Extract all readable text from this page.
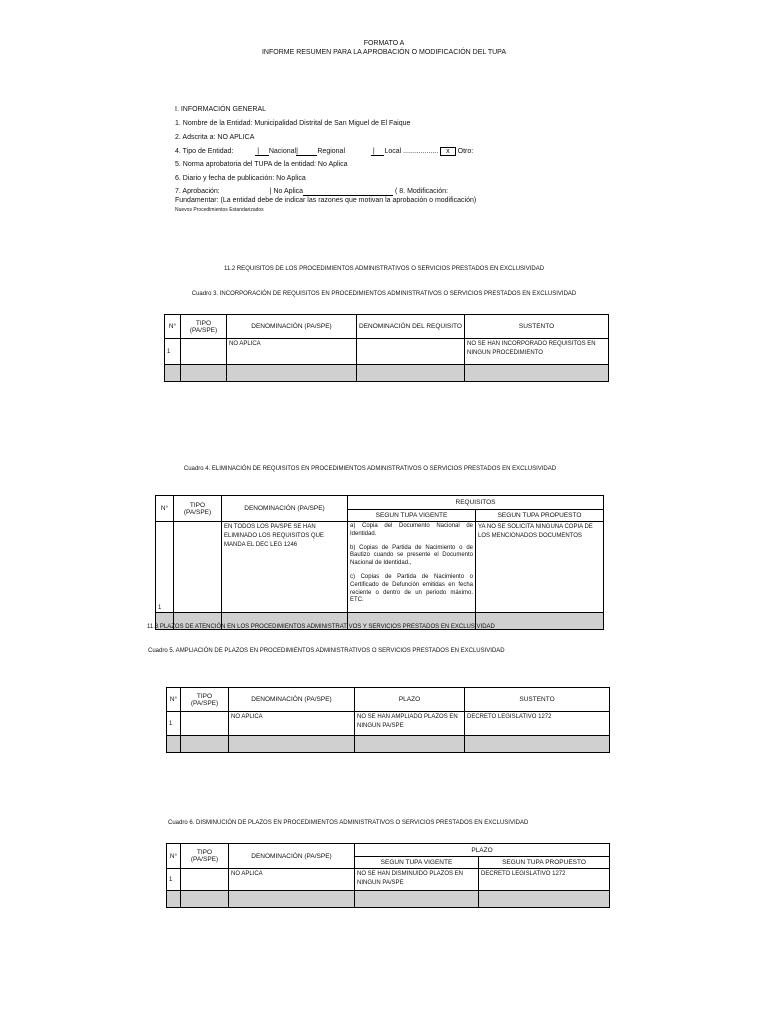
FORMATO A
INFORME RESUMEN PARA LA APROBACIÓN O MODIFICACIÓN DEL TUPA
I. INFORMACIÓN GENERAL
1. Nombre de la Entidad: Municipalidad Distrital de San Miguel de El Faique
2. Adscrita a: NO APLICA
4. Tipo de Entidad:	|     Nacional|          Regional	|     Local .................. x Otro:
5. Norma aprobatoria del TUPA de la entidad: No Aplica
6. Diario y fecha de publicación: No Aplica
7. Aprobación:	| No Aplica	( 8. Modificación:
Fundamentar: (La entidad debe de indicar las razones que motivan la aprobación o modificación)
Nuevos Procedimientos Estandarizados
11.2 REQUISITOS DE LOS PROCEDIMIENTOS ADMINISTRATIVOS O SERVICIOS PRESTADOS EN EXCLUSIVIDAD
Cuadro 3. INCORPORACIÓN DE REQUISITOS EN PROCEDIMIENTOS ADMINISTRATIVOS O SERVICIOS PRESTADOS EN EXCLUSIVIDAD
N°	TIPO (PA/SPE)	DENOMINACIÓN (PA/SPE)	DENOMINACIÓN DEL REQUISITO	SUSTENTO
1		NO APLICA		NO SE HAN INCORPORADO REQUISITOS EN NINGUN PROCEDIMIENTO

Cuadro 4. ELIMINACIÓN DE REQUISITOS EN PROCEDIMIENTOS ADMINISTRATIVOS O SERVICIOS PRESTADOS EN EXCLUSIVIDAD
N°	TIPO (PA/SPE)	DENOMINACIÓN (PA/SPE)	REQUISITOS	
			SEGUN TUPA VIGENTE	SEGUN TUPA PROPUESTO
1		EN TODOS LOS PA/SPE SE HAN ELIMINADO LOS REQUISITOS QUE MANDA EL DEC LEG 1246	a) Copia del Documento Nacional de Identidad.

b) Copias de Partida de Nacimiento o de Bautizo cuando se presente el Documento Nacional de Identidad.,

c) Copias de Partida de Nacimiento o Certificado de Defunción emitidas en fecha reciente o dentro de un periodo máximo. ETC.	YA NO SE SOLICITA NINGUNA COPIA DE LOS MENCIONADOS DOCUMENTOS

11.3 PLAZOS DE ATENCIÓN EN LOS PROCEDIMIENTOS ADMINISTRATIVOS Y SERVICIOS PRESTADOS EN EXCLUSIVIDAD
Cuadro 5. AMPLIACIÓN DE PLAZOS EN PROCEDIMIENTOS ADMINISTRATIVOS O SERVICIOS PRESTADOS EN EXCLUSIVIDAD
N°	TIPO (PA/SPE)	DENOMINACIÓN (PA/SPE)	PLAZO	SUSTENTO
1		NO APLICA	NO SE HAN AMPLIADO PLAZOS EN NINGUN PA/SPE	DECRETO LEGISLATIVO 1272

Cuadro 6. DISMINUCIÓN DE PLAZOS EN PROCEDIMIENTOS ADMINISTRATIVOS O SERVICIOS PRESTADOS EN EXCLUSIVIDAD
N°	TIPO (PA/SPE)	DENOMINACIÓN (PA/SPE)	PLAZO	
			SEGUN TUPA VIGENTE	SEGUN TUPA PROPUESTO
1		NO APLICA	NO SE HAN DISMINUIDO PLAZOS EN NINGUN PA/SPE	DECRETO LEGISLATIVO 1272
